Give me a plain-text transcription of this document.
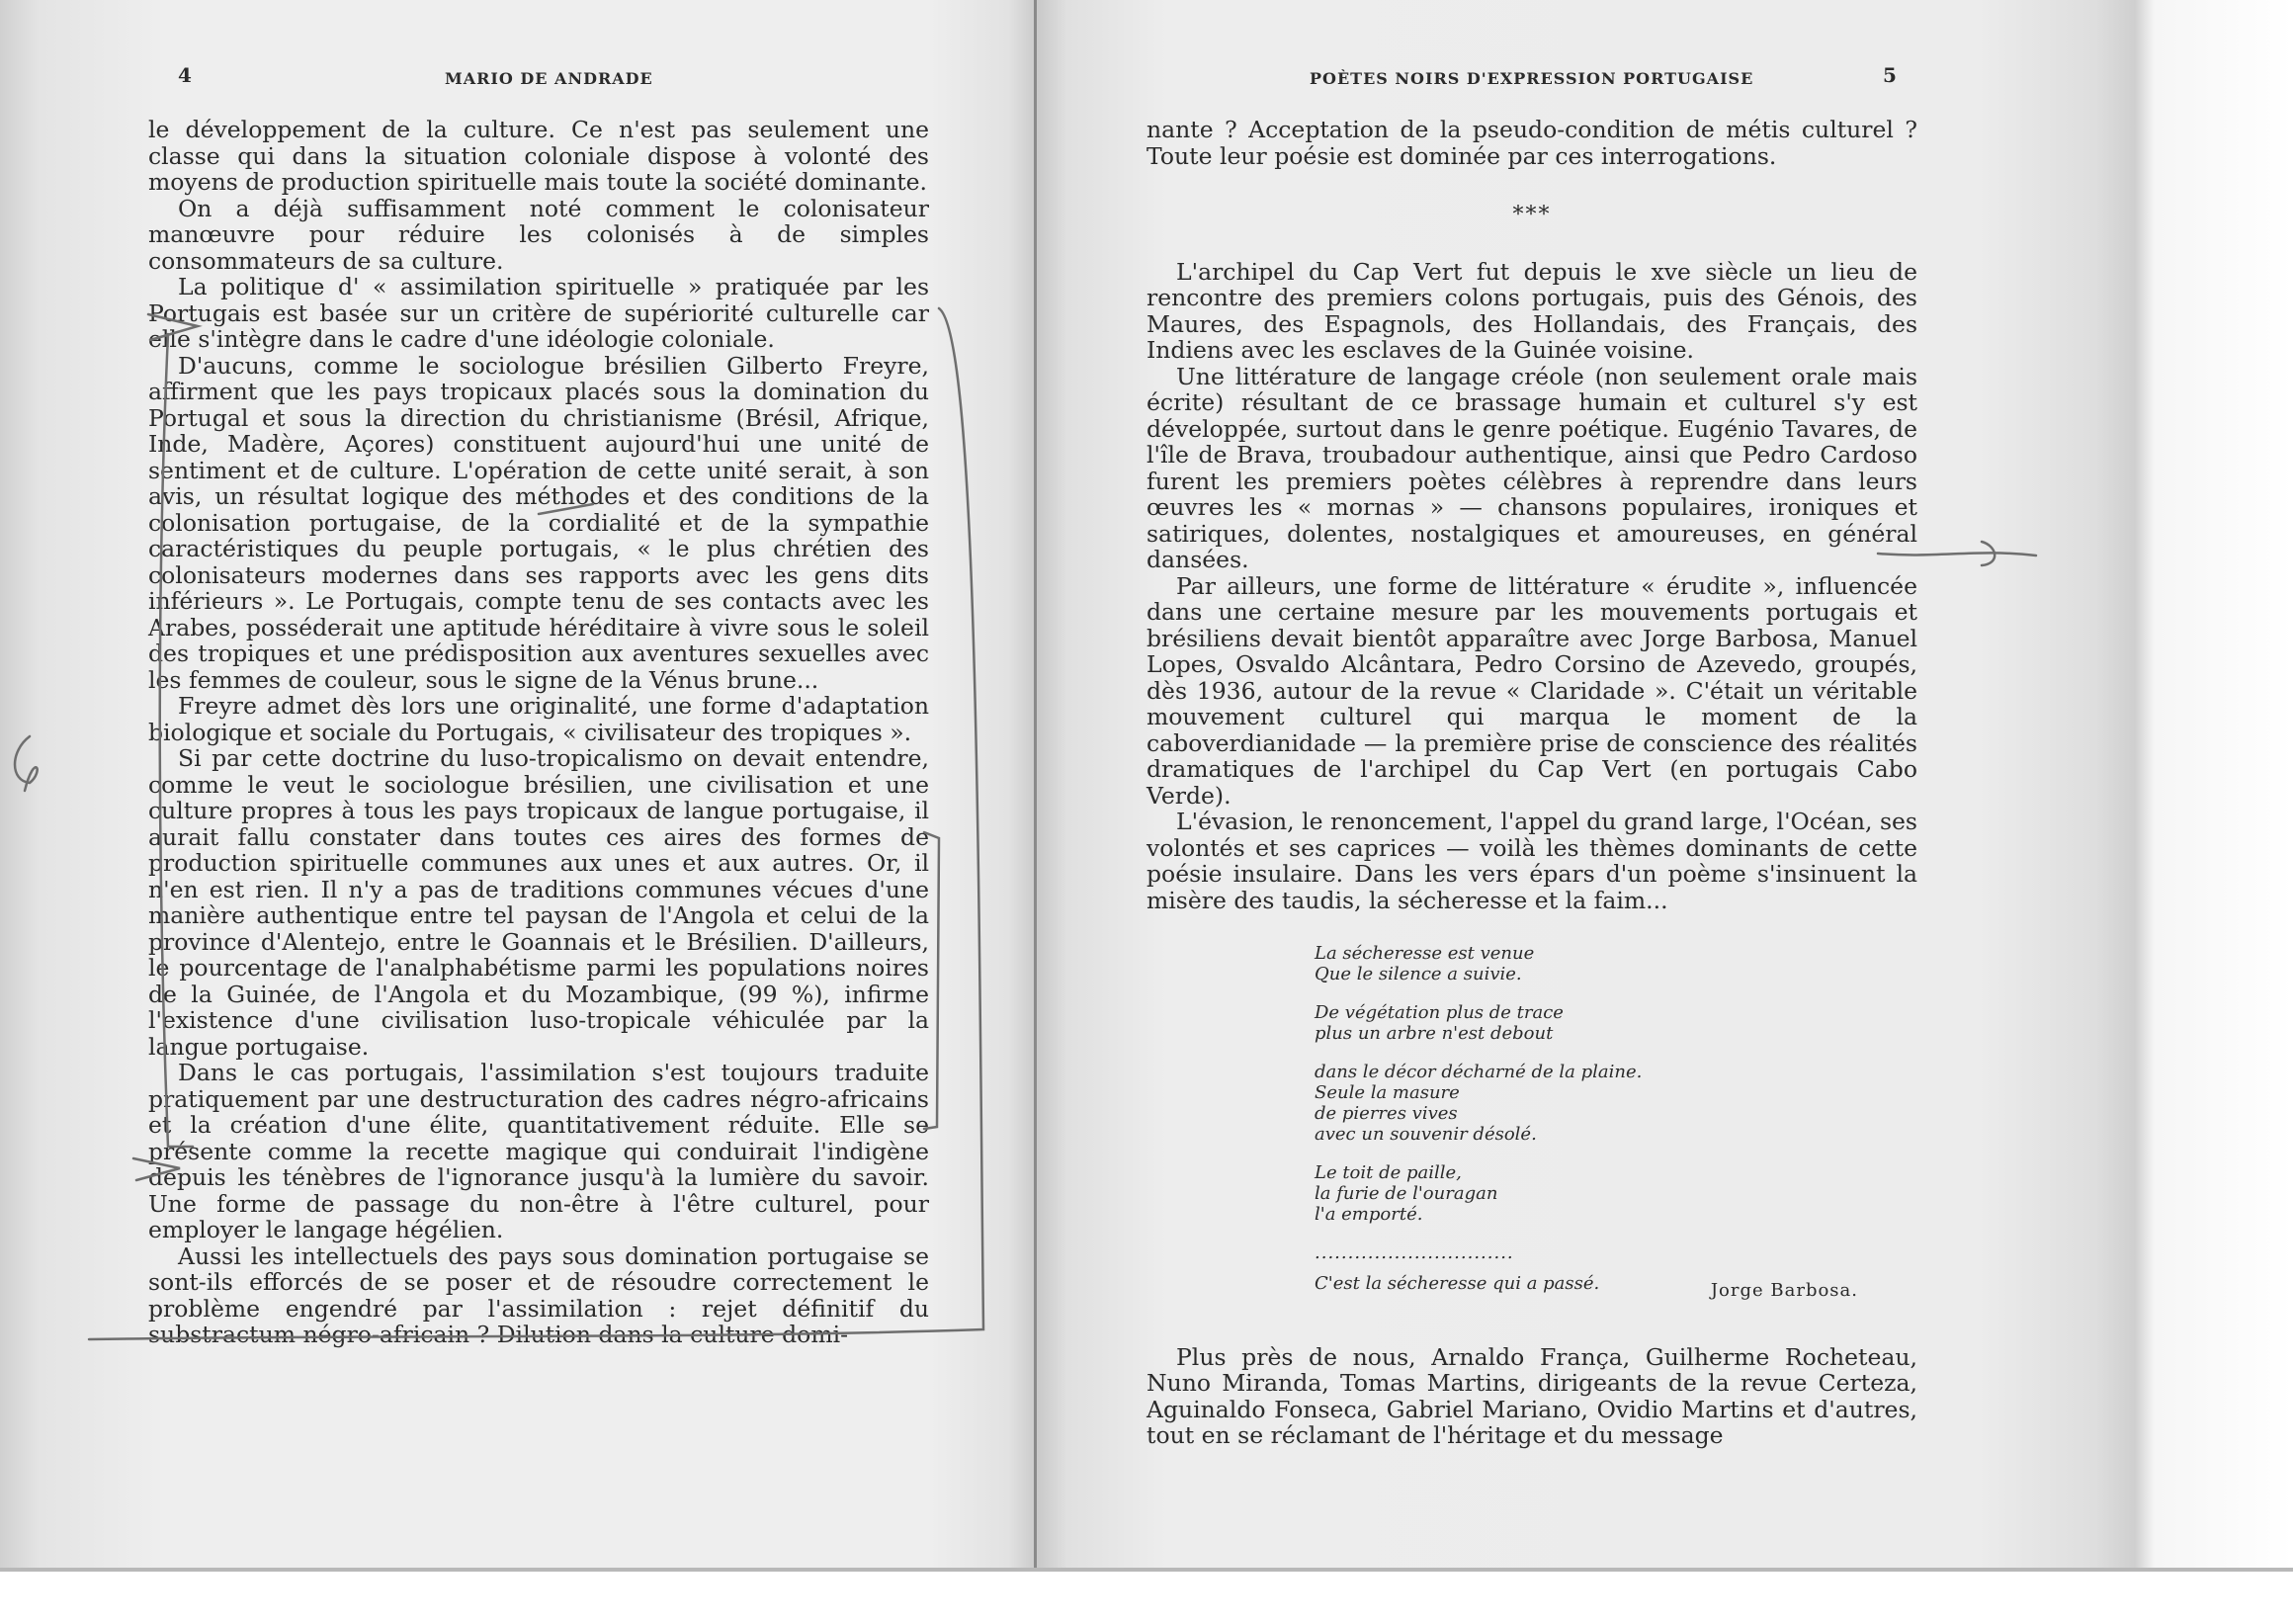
4	MARIO DE ANDRADE

le développement de la culture. Ce n'est pas seulement une classe qui dans la situation coloniale dispose à volonté des moyens de production spirituelle mais toute la société dominante.

On a déjà suffisamment noté comment le colonisateur manœuvre pour réduire les colonisés à de simples consommateurs de sa culture.

La politique d' « assimilation spirituelle » pratiquée par les Portugais est basée sur un critère de supériorité culturelle car elle s'intègre dans le cadre d'une idéologie coloniale.

D'aucuns, comme le sociologue brésilien Gilberto Freyre, affirment que les pays tropicaux placés sous la domination du Portugal et sous la direction du christianisme (Brésil, Afrique, Inde, Madère, Açores) constituent aujourd'hui une unité de sentiment et de culture. L'opération de cette unité serait, à son avis, un résultat logique des méthodes et des conditions de la colonisation portugaise, de la cordialité et de la sympathie caractéristiques du peuple portugais, « le plus chrétien des colonisateurs modernes dans ses rapports avec les gens dits inférieurs ». Le Portugais, compte tenu de ses contacts avec les Arabes, posséderait une aptitude héréditaire à vivre sous le soleil des tropiques et une prédisposition aux aventures sexuelles avec les femmes de couleur, sous le signe de la Vénus brune...

Freyre admet dès lors une originalité, une forme d'adaptation biologique et sociale du Portugais, « civilisateur des tropiques ».

Si par cette doctrine du luso-tropicalismo on devait entendre, comme le veut le sociologue brésilien, une civilisation et une culture propres à tous les pays tropicaux de langue portugaise, il aurait fallu constater dans toutes ces aires des formes de production spirituelle communes aux unes et aux autres. Or, il n'en est rien. Il n'y a pas de traditions communes vécues d'une manière authentique entre tel paysan de l'Angola et celui de la province d'Alentejo, entre le Goannais et le Brésilien. D'ailleurs, le pourcentage de l'analphabétisme parmi les populations noires de la Guinée, de l'Angola et du Mozambique, (99 %), infirme l'existence d'une civilisation luso-tropicale véhiculée par la langue portugaise.

Dans le cas portugais, l'assimilation s'est toujours traduite pratiquement par une destructuration des cadres négro-africains et la création d'une élite, quantitativement réduite. Elle se présente comme la recette magique qui conduirait l'indigène depuis les ténèbres de l'ignorance jusqu'à la lumière du savoir. Une forme de passage du non-être à l'être culturel, pour employer le langage hégélien.

Aussi les intellectuels des pays sous domination portugaise se sont-ils efforcés de se poser et de résoudre correctement le problème engendré par l'assimilation : rejet définitif du substractum négro-africain ? Dilution dans la culture domi-

POÈTES NOIRS D'EXPRESSION PORTUGAISE	5

nante ? Acceptation de la pseudo-condition de métis culturel ? Toute leur poésie est dominée par ces interrogations.

***

L'archipel du Cap Vert fut depuis le xve siècle un lieu de rencontre des premiers colons portugais, puis des Génois, des Maures, des Espagnols, des Hollandais, des Français, des Indiens avec les esclaves de la Guinée voisine.

Une littérature de langage créole (non seulement orale mais écrite) résultant de ce brassage humain et culturel s'y est développée, surtout dans le genre poétique. Eugénio Tavares, de l'île de Brava, troubadour authentique, ainsi que Pedro Cardoso furent les premiers poètes célèbres à reprendre dans leurs œuvres les « mornas » — chansons populaires, ironiques et satiriques, dolentes, nostalgiques et amoureuses, en général dansées.

Par ailleurs, une forme de littérature « érudite », influencée dans une certaine mesure par les mouvements portugais et brésiliens devait bientôt apparaître avec Jorge Barbosa, Manuel Lopes, Osvaldo Alcântara, Pedro Corsino de Azevedo, groupés, dès 1936, autour de la revue « Claridade ». C'était un véritable mouvement culturel qui marqua le moment de la caboverdianidade — la première prise de conscience des réalités dramatiques de l'archipel du Cap Vert (en portugais Cabo Verde).

L'évasion, le renoncement, l'appel du grand large, l'Océan, ses volontés et ses caprices — voilà les thèmes dominants de cette poésie insulaire. Dans les vers épars d'un poème s'insinuent la misère des taudis, la sécheresse et la faim...

La sécheresse est venue
Que le silence a suivie.
De végétation plus de trace
plus un arbre n'est debout
dans le décor décharné de la plaine.
Seule la masure
de pierres vives
avec un souvenir désolé.
Le toit de paille,
la furie de l'ouragan
l'a emporté.
..............................
C'est la sécheresse qui a passé.	Jorge Barbosa.

Plus près de nous, Arnaldo França, Guilherme Rocheteau, Nuno Miranda, Tomas Martins, dirigeants de la revue Certeza, Aguinaldo Fonseca, Gabriel Mariano, Ovidio Martins et d'autres, tout en se réclamant de l'héritage et du message
